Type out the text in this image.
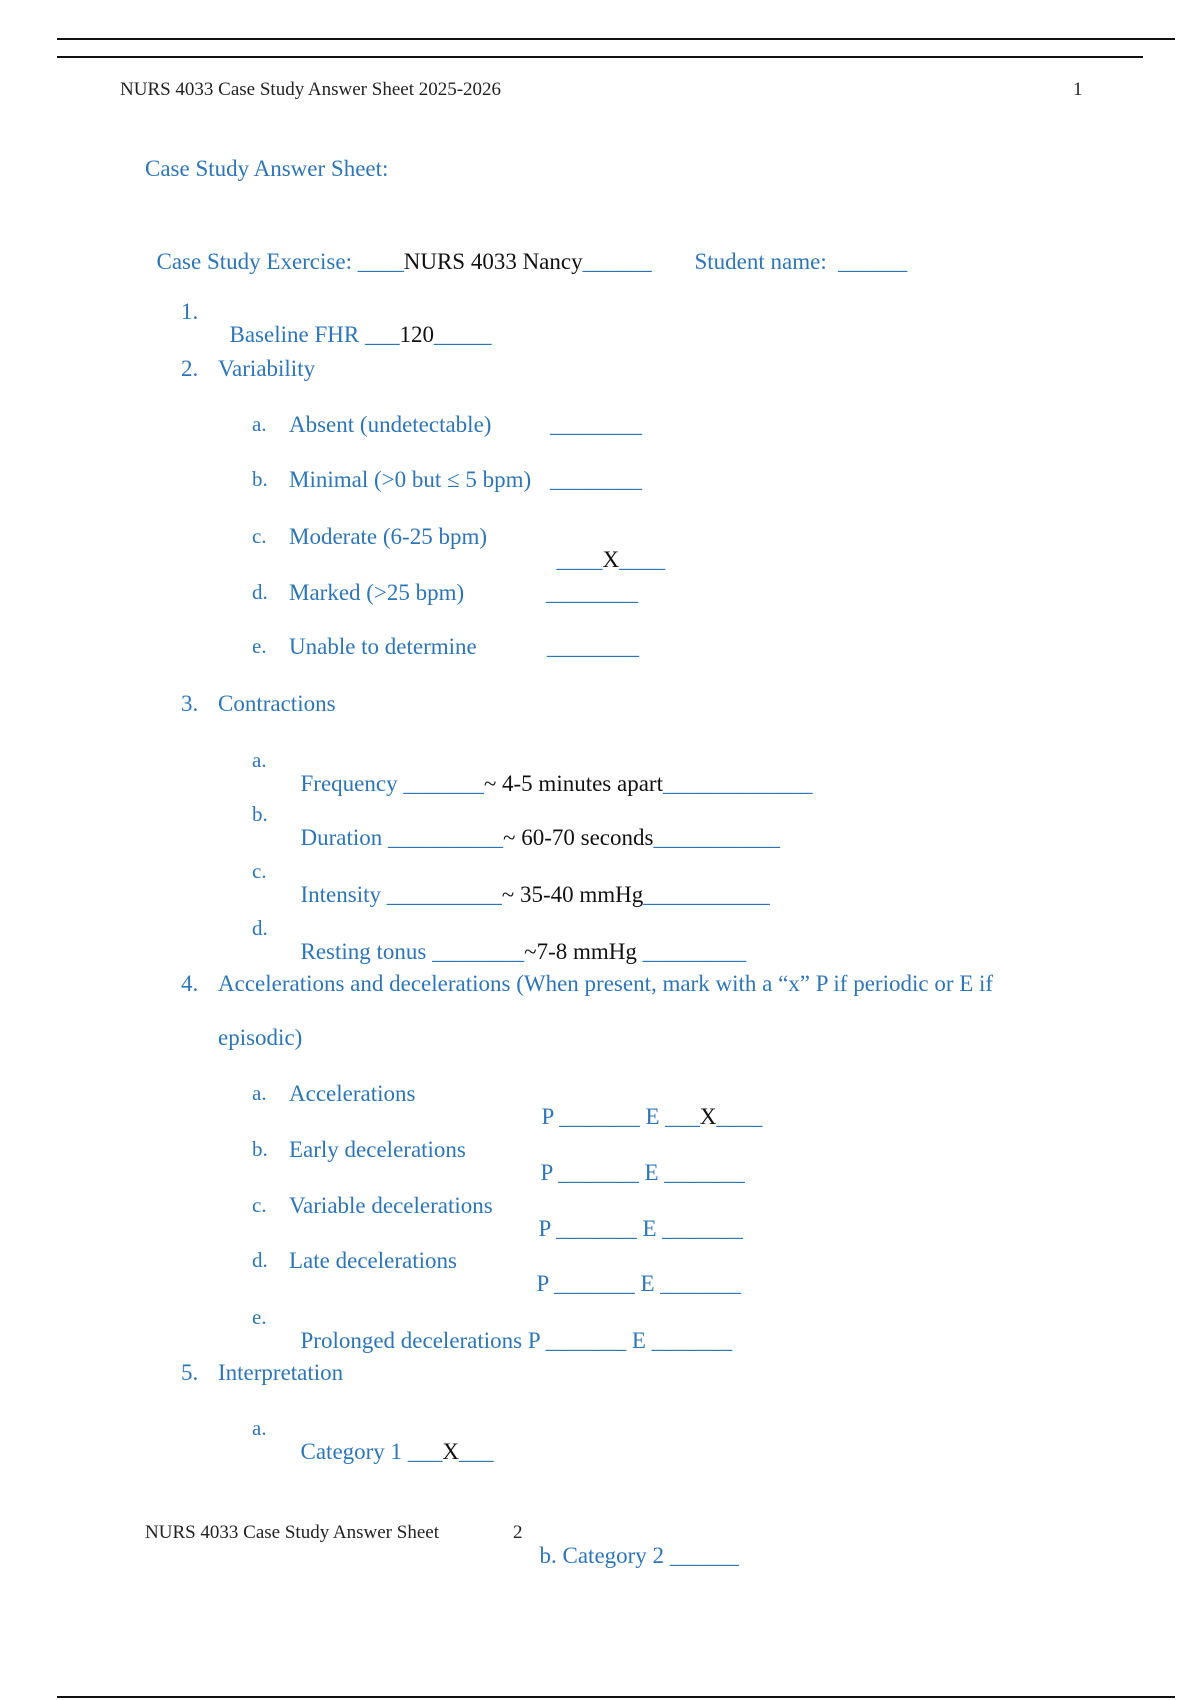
NURS 4033 Case Study Answer Sheet 2025-2026	1
Case Study Answer Sheet:

Case Study Exercise: ____NURS 4033 Nancy______	Student name: ______

1.

Baseline FHR ___120_____

2. Variability
a. Absent (undetectable)	________
b. Minimal (>0 but ≤ 5 bpm) ________
c. Moderate (6-25 bpm)

____X____

d. Marked (>25 bpm)	________
e. Unable to determine	________
3. Contractions
a.

Frequency _______~ 4-5 minutes apart_____________

b.

Duration __________~ 60-70 seconds___________

c.

Intensity __________~ 35-40 mmHg___________

d.

Resting tonus ________~7-8 mmHg _________

4. Accelerations and decelerations (When present, mark with a “x” P if periodic or E if
episodic)
a. Accelerations

P _______ E ___X____

b. Early decelerations

P _______ E _______

c. Variable decelerations

P _______ E _______

d. Late decelerations

P _______ E _______

e.

Prolonged decelerations P _______ E _______

5. Interpretation
a.

Category 1 ___X___

NURS 4033 Case Study Answer Sheet	2

b. Category 2 ______
